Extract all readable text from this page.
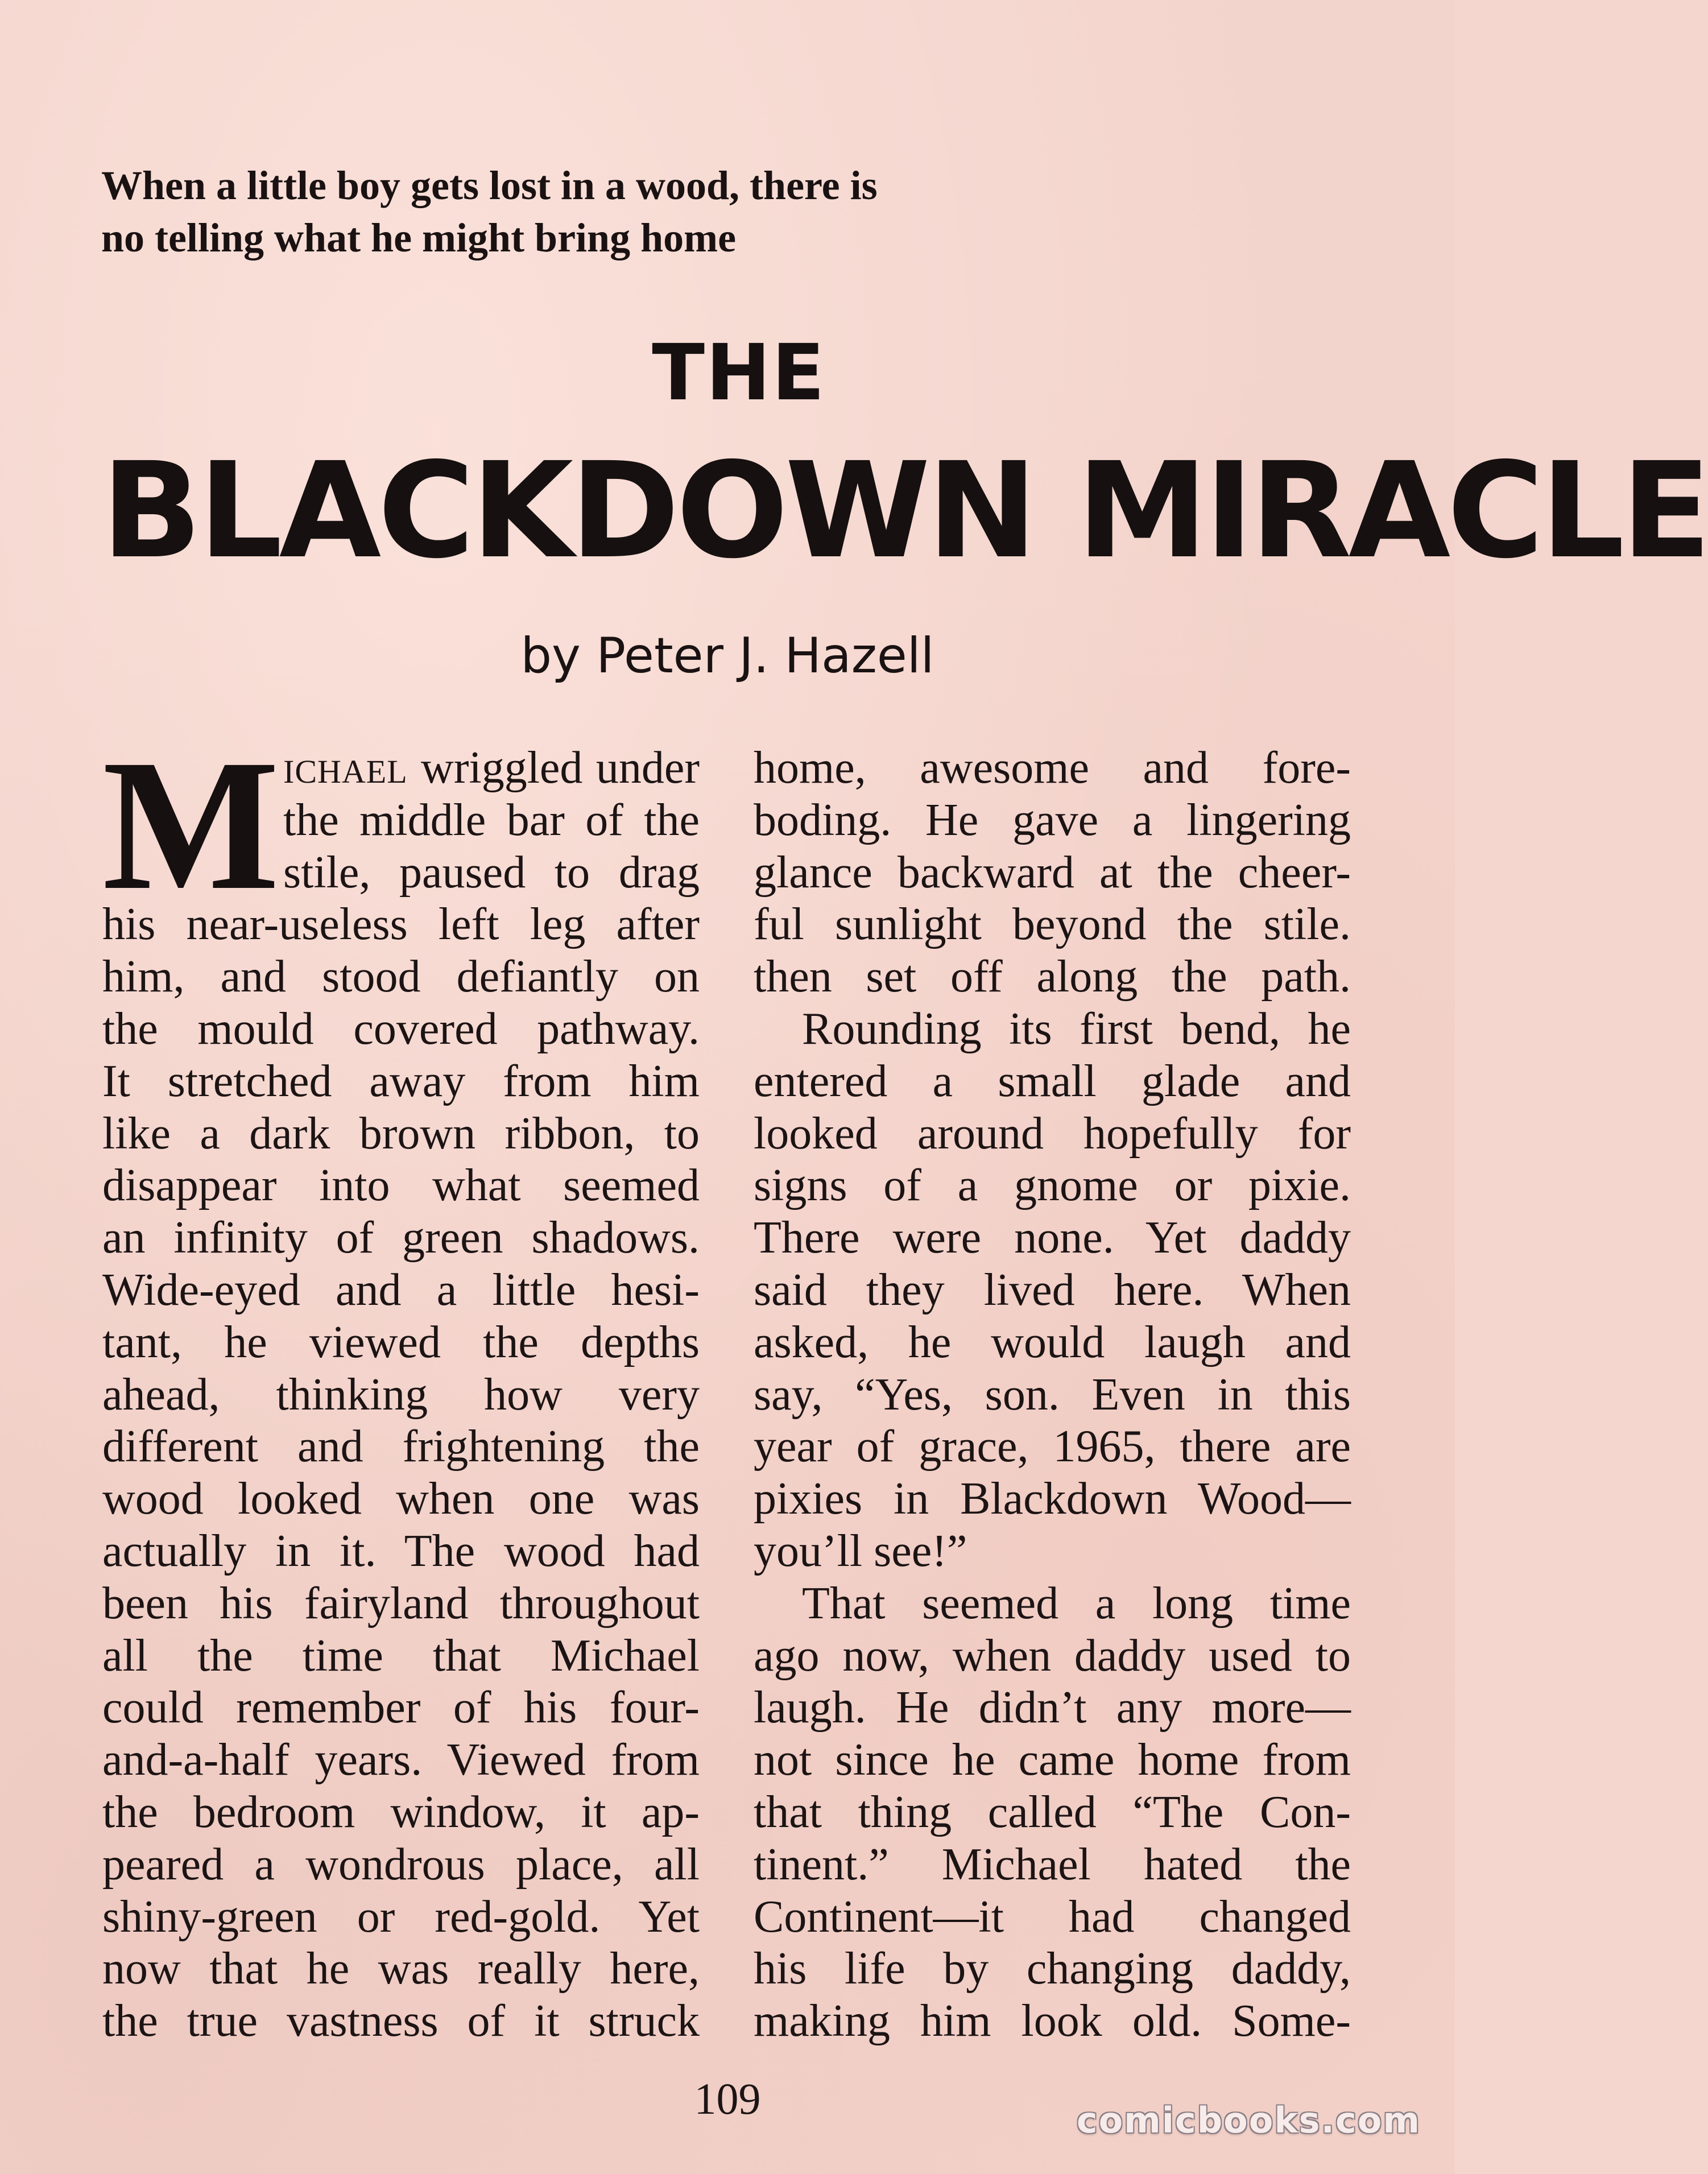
When a little boy gets lost in a wood, there is
no telling what he might bring home
THE
BLACKDOWN MIRACLE
by Peter J. Hazell
M ICHAEL wriggled under
the middle bar of the
stile, paused to drag
his near-useless left leg after
him, and stood defiantly on
the mould covered pathway.
It stretched away from him
like a dark brown ribbon, to
disappear into what seemed
an infinity of green shadows.
Wide-eyed and a little hesi-
tant, he viewed the depths
ahead, thinking how very
different and frightening the
wood looked when one was
actually in it. The wood had
been his fairyland throughout
all the time that Michael
could remember of his four-
and-a-half years. Viewed from
the bedroom window, it ap-
peared a wondrous place, all
shiny-green or red-gold. Yet
now that he was really here,
the true vastness of it struck
home, awesome and fore-
boding. He gave a lingering
glance backward at the cheer-
ful sunlight beyond the stile.
then set off along the path.
Rounding its first bend, he
entered a small glade and
looked around hopefully for
signs of a gnome or pixie.
There were none. Yet daddy
said they lived here. When
asked, he would laugh and
say, “Yes, son. Even in this
year of grace, 1965, there are
pixies in Blackdown Wood—
you’ll see!”
That seemed a long time
ago now, when daddy used to
laugh. He didn’t any more—
not since he came home from
that thing called “The Con-
tinent.” Michael hated the
Continent—it had changed
his life by changing daddy,
making him look old. Some-
109	comicbooks.com
